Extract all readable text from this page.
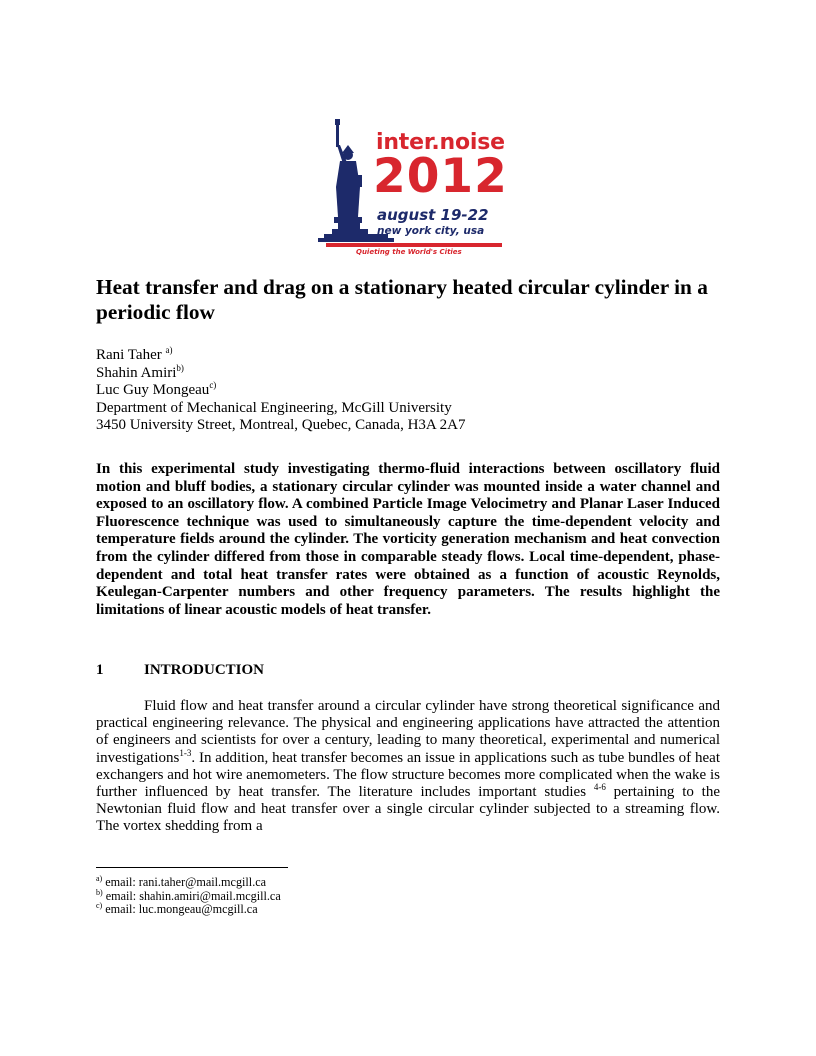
inter.noise
2012
august 19-22
new york city, usa
Quieting the World's Cities
Heat transfer and drag on a stationary heated circular cylinder in a periodic flow
Rani Taher $^{a)}$
Shahin Amiri$^{b)}$
Luc Guy Mongeau$^{c)}$
Department of Mechanical Engineering, McGill University
3450 University Street, Montreal, Quebec, Canada, H3A 2A7
In this experimental study investigating thermo-fluid interactions between oscillatory fluid motion and bluff bodies, a stationary circular cylinder was mounted inside a water channel and exposed to an oscillatory flow. A combined Particle Image Velocimetry and Planar Laser Induced Fluorescence technique was used to simultaneously capture the time-dependent velocity and temperature fields around the cylinder. The vorticity generation mechanism and heat convection from the cylinder differed from those in comparable steady flows. Local time-dependent, phase-dependent and total heat transfer rates were obtained as a function of acoustic Reynolds, Keulegan-Carpenter numbers and other frequency parameters. The results highlight the limitations of linear acoustic models of heat transfer.
1	INTRODUCTION
Fluid flow and heat transfer around a circular cylinder have strong theoretical significance and practical engineering relevance. The physical and engineering applications have attracted the attention of engineers and scientists for over a century, leading to many theoretical, experimental and numerical investigations$^{1-3}$. In addition, heat transfer becomes an issue in applications such as tube bundles of heat exchangers and hot wire anemometers. The flow structure becomes more complicated when the wake is further influenced by heat transfer. The literature includes important studies $^{4-6}$ pertaining to the Newtonian fluid flow and heat transfer over a single circular cylinder subjected to a streaming flow. The vortex shedding from a
$^{a)}$ email: rani.taher@mail.mcgill.ca
$^{b)}$ email: shahin.amiri@mail.mcgill.ca
$^{c)}$ email: luc.mongeau@mcgill.ca
